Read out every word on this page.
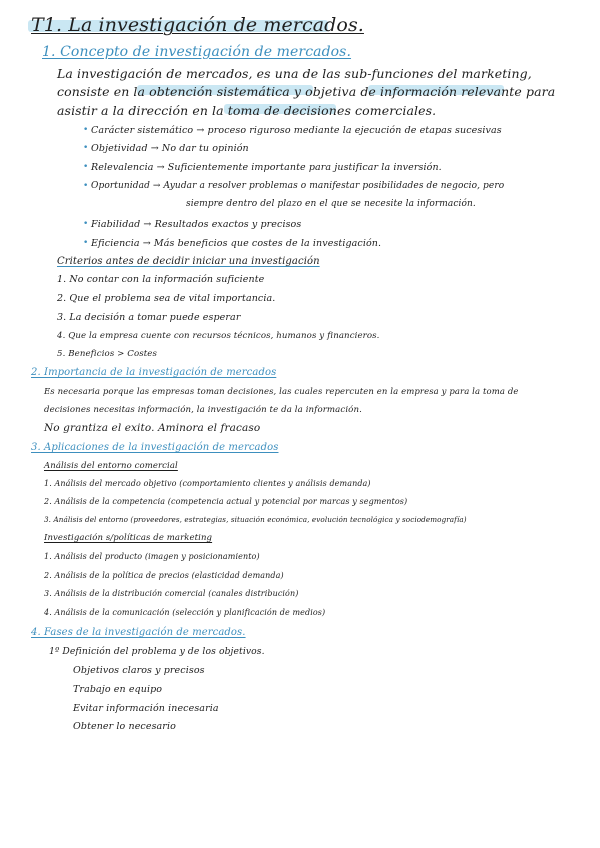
T1. La investigación de mercados.
1. Concepto de investigación de mercados.
La investigación de mercados, es una de las sub-funciones del marketing,
consiste en la obtención sistemática y objetiva de información relevante para
asistir a la dirección en la toma de decisiones comerciales.
• Carácter sistemático → proceso riguroso mediante la ejecución de etapas sucesivas
• Objetividad → No dar tu opinión
• Relevalencia → Suficientemente importante para justificar la inversión.
• Oportunidad → Ayudar a resolver problemas o manifestar posibilidades de negocio, pero
siempre dentro del plazo en el que se necesite la información.
• Fiabilidad → Resultados exactos y precisos
• Eficiencia → Más beneficios que costes de la investigación.
Criterios antes de decidir iniciar una investigación
1. No contar con la información suficiente
2. Que el problema sea de vital importancia.
3. La decisión a tomar puede esperar
4. Que la empresa cuente con recursos técnicos, humanos y financieros.
5. Beneficios > Costes
2. Importancia de la investigación de mercados
Es necesaria porque las empresas toman decisiones, las cuales repercuten en la empresa y para la toma de
decisiones necesitas información, la investigación te da la información.
No grantiza el exito. Aminora el fracaso
3. Aplicaciones de la investigación de mercados
Análisis del entorno comercial
1. Análisis del mercado objetivo (comportamiento clientes y análisis demanda)
2. Análisis de la competencia (competencia actual y potencial por marcas y segmentos)
3. Análisis del entorno (proveedores, estrategias, situación económica, evolución tecnológica y sociodemografía)
Investigación s/políticas de marketing
1. Análisis del producto (imagen y posicionamiento)
2. Análisis de la política de precios (elasticidad demanda)
3. Análisis de la distribución comercial (canales distribución)
4. Análisis de la comunicación (selección y planificación de medios)
4. Fases de la investigación de mercados.
1º Definición del problema y de los objetivos.
Objetivos claros y precisos
Trabajo en equipo
Evitar información inecesaria
Obtener lo necesario
